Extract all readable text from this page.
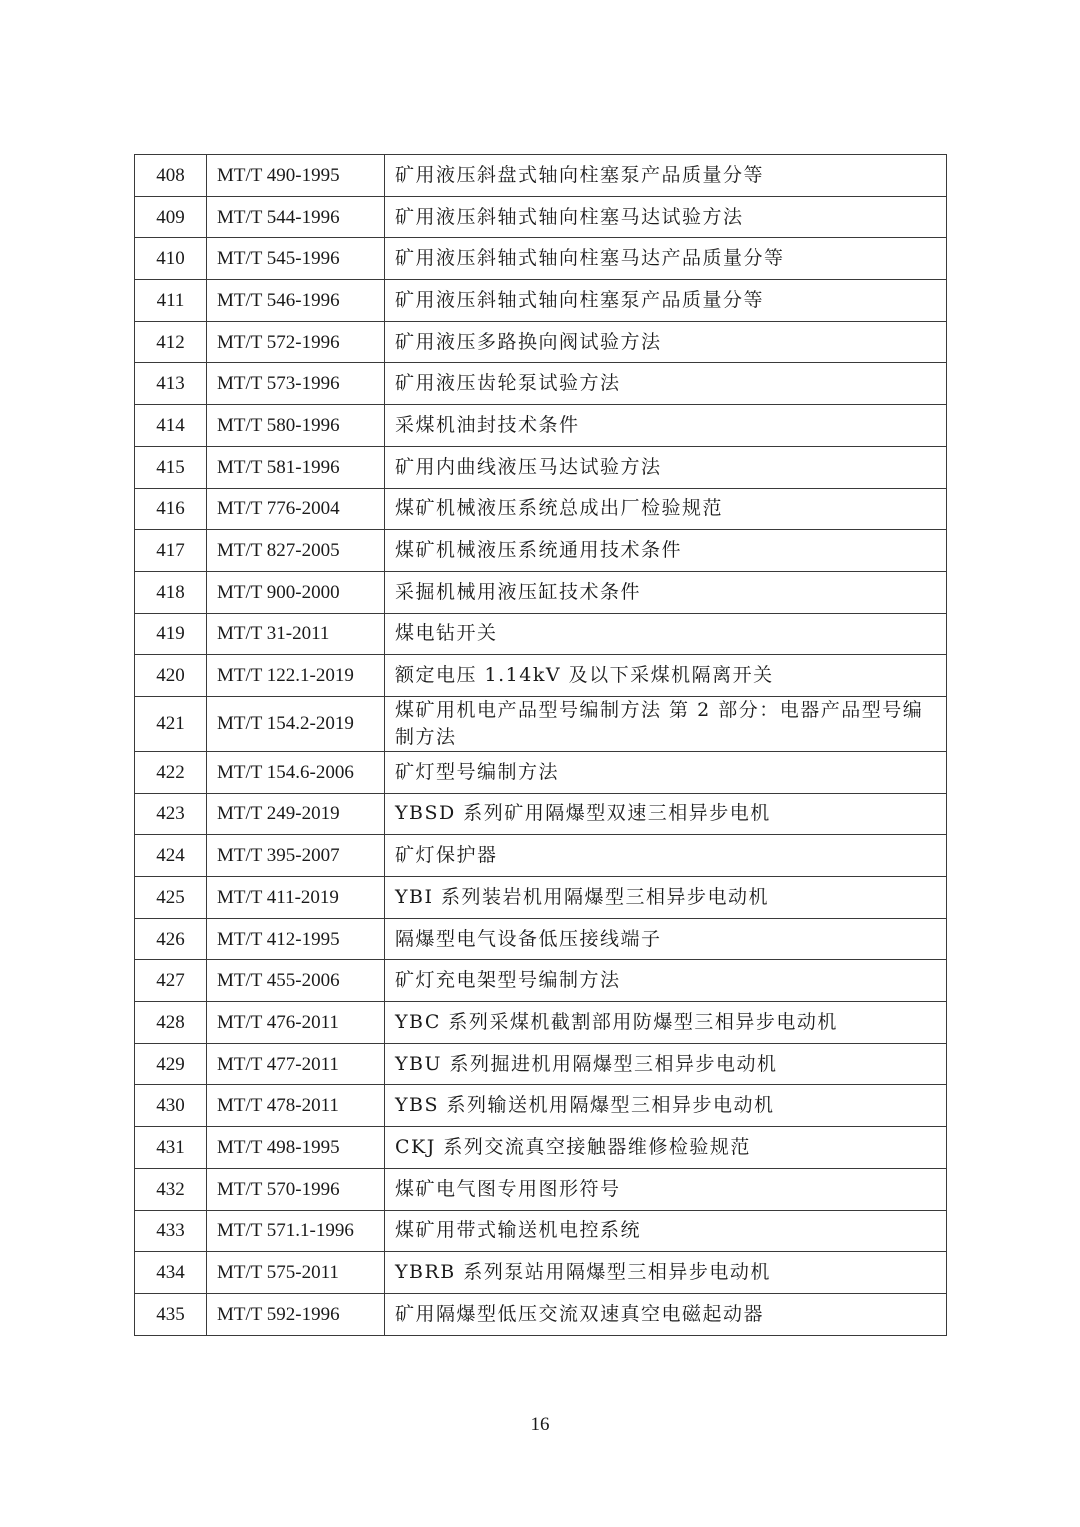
408	MT/T 490-1995	矿用液压斜盘式轴向柱塞泵产品质量分等
409	MT/T 544-1996	矿用液压斜轴式轴向柱塞马达试验方法
410	MT/T 545-1996	矿用液压斜轴式轴向柱塞马达产品质量分等
411	MT/T 546-1996	矿用液压斜轴式轴向柱塞泵产品质量分等
412	MT/T 572-1996	矿用液压多路换向阀试验方法
413	MT/T 573-1996	矿用液压齿轮泵试验方法
414	MT/T 580-1996	采煤机油封技术条件
415	MT/T 581-1996	矿用内曲线液压马达试验方法
416	MT/T 776-2004	煤矿机械液压系统总成出厂检验规范
417	MT/T 827-2005	煤矿机械液压系统通用技术条件
418	MT/T 900-2000	采掘机械用液压缸技术条件
419	MT/T 31-2011	煤电钻开关
420	MT/T 122.1-2019	额定电压 1.14kV 及以下采煤机隔离开关
421	MT/T 154.2-2019	煤矿用机电产品型号编制方法 第 2 部分：电器产品型号编制方法
422	MT/T 154.6-2006	矿灯型号编制方法
423	MT/T 249-2019	YBSD 系列矿用隔爆型双速三相异步电机
424	MT/T 395-2007	矿灯保护器
425	MT/T 411-2019	YBI 系列装岩机用隔爆型三相异步电动机
426	MT/T 412-1995	隔爆型电气设备低压接线端子
427	MT/T 455-2006	矿灯充电架型号编制方法
428	MT/T 476-2011	YBC 系列采煤机截割部用防爆型三相异步电动机
429	MT/T 477-2011	YBU 系列掘进机用隔爆型三相异步电动机
430	MT/T 478-2011	YBS 系列输送机用隔爆型三相异步电动机
431	MT/T 498-1995	CKJ 系列交流真空接触器维修检验规范
432	MT/T 570-1996	煤矿电气图专用图形符号
433	MT/T 571.1-1996	煤矿用带式输送机电控系统
434	MT/T 575-2011	YBRB 系列泵站用隔爆型三相异步电动机
435	MT/T 592-1996	矿用隔爆型低压交流双速真空电磁起动器
16
